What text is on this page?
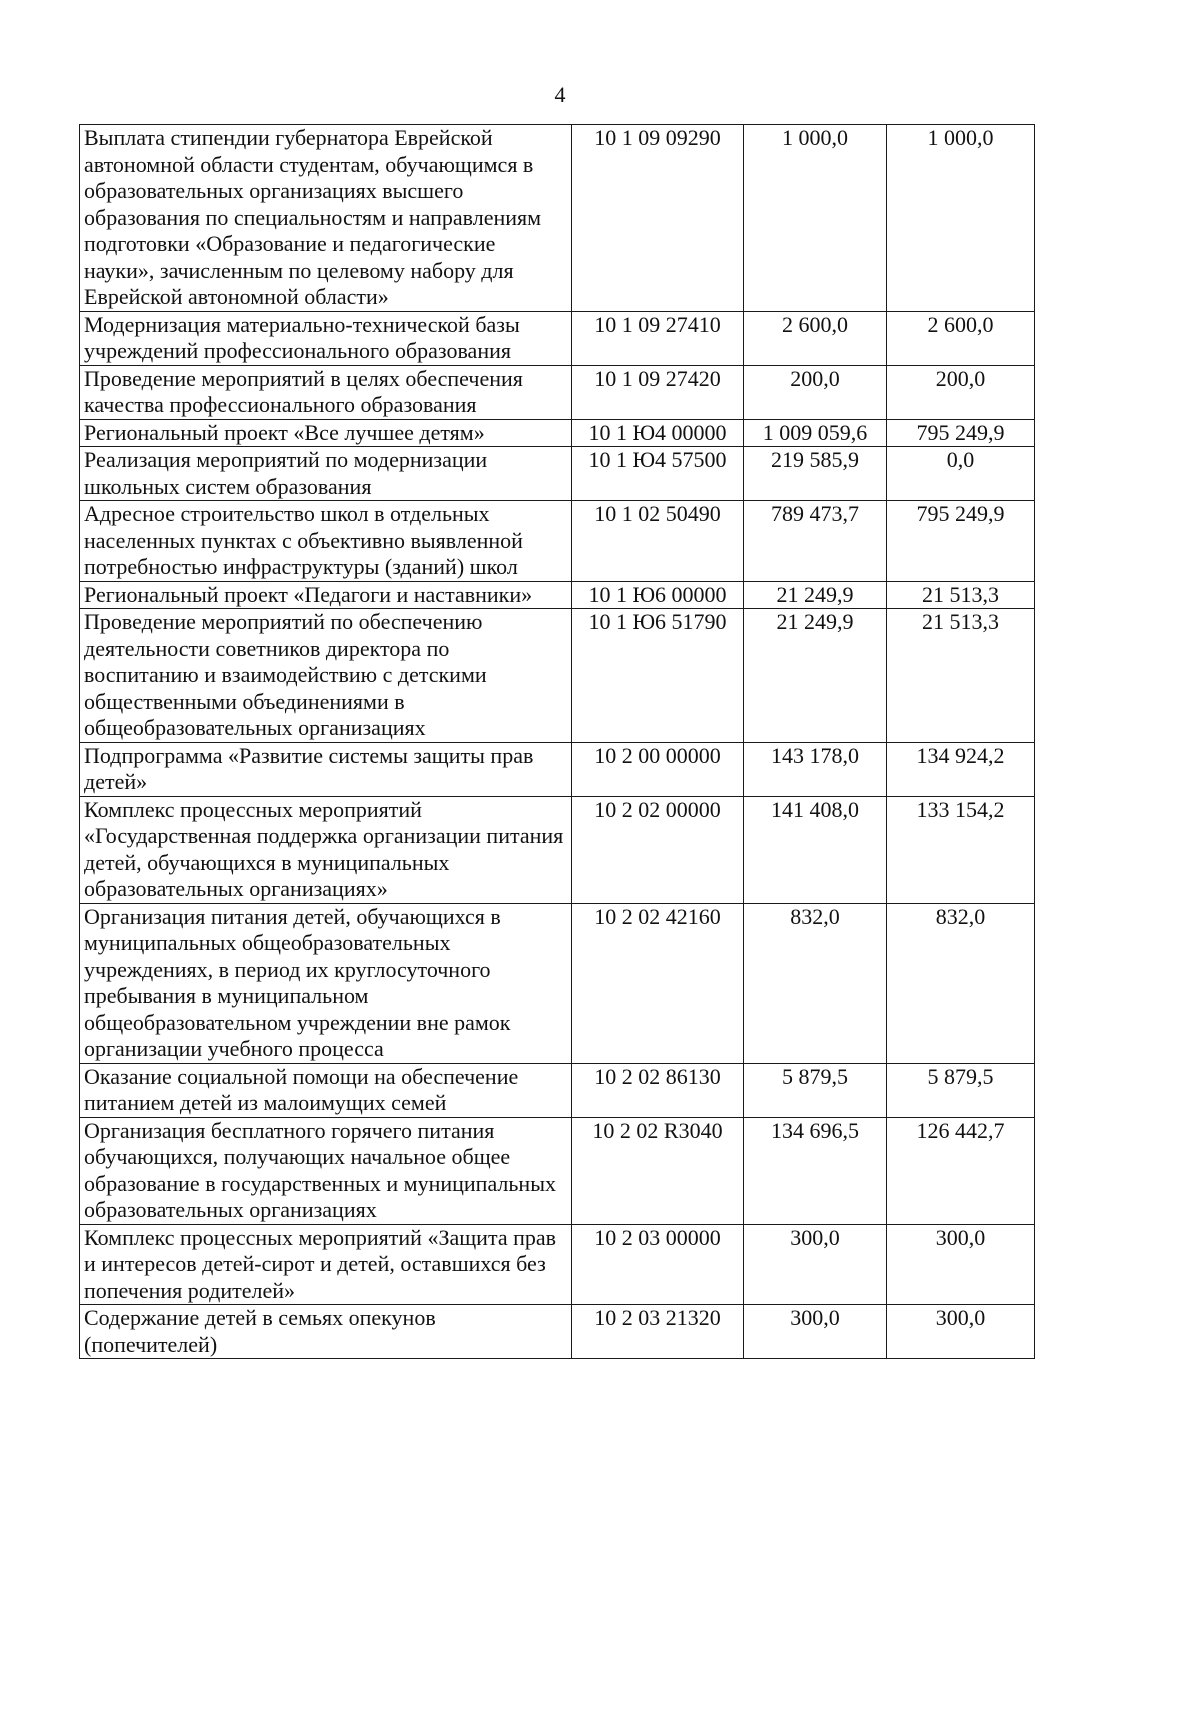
4
Выплата стипендии губернатора Еврейской автономной области студентам, обучающимся в образовательных организациях высшего образования по специальностям и направлениям подготовки «Образование и педагогические науки», зачисленным по целевому набору для Еврейской автономной области»	10 1 09 09290	1 000,0	1 000,0
Модернизация материально-технической базы учреждений профессионального образования	10 1 09 27410	2 600,0	2 600,0
Проведение мероприятий в целях обеспечения качества профессионального образования	10 1 09 27420	200,0	200,0
Региональный проект «Все лучшее детям»	10 1 Ю4 00000	1 009 059,6	795 249,9
Реализация мероприятий по модернизации школьных систем образования	10 1 Ю4 57500	219 585,9	0,0
Адресное строительство школ в отдельных населенных пунктах с объективно выявленной потребностью инфраструктуры (зданий) школ	10 1 02 50490	789 473,7	795 249,9
Региональный проект «Педагоги и наставники»	10 1 Ю6 00000	21 249,9	21 513,3
Проведение мероприятий по обеспечению деятельности советников директора по воспитанию и взаимодействию с детскими общественными объединениями в общеобразовательных организациях	10 1 Ю6 51790	21 249,9	21 513,3
Подпрограмма «Развитие системы защиты прав детей»	10 2 00 00000	143 178,0	134 924,2
Комплекс процессных мероприятий «Государственная поддержка организации питания детей, обучающихся в муниципальных образовательных организациях»	10 2 02 00000	141 408,0	133 154,2
Организация питания детей, обучающихся в муниципальных общеобразовательных учреждениях, в период их круглосуточного пребывания в муниципальном общеобразовательном учреждении вне рамок организации учебного процесса	10 2 02 42160	832,0	832,0
Оказание социальной помощи на обеспечение питанием детей из малоимущих семей	10 2 02 86130	5 879,5	5 879,5
Организация бесплатного горячего питания обучающихся, получающих начальное общее образование в государственных и муниципальных образовательных организациях	10 2 02 R3040	134 696,5	126 442,7
Комплекс процессных мероприятий «Защита прав и интересов детей-сирот и детей, оставшихся без попечения родителей»	10 2 03 00000	300,0	300,0
Содержание детей в семьях опекунов (попечителей)	10 2 03 21320	300,0	300,0
